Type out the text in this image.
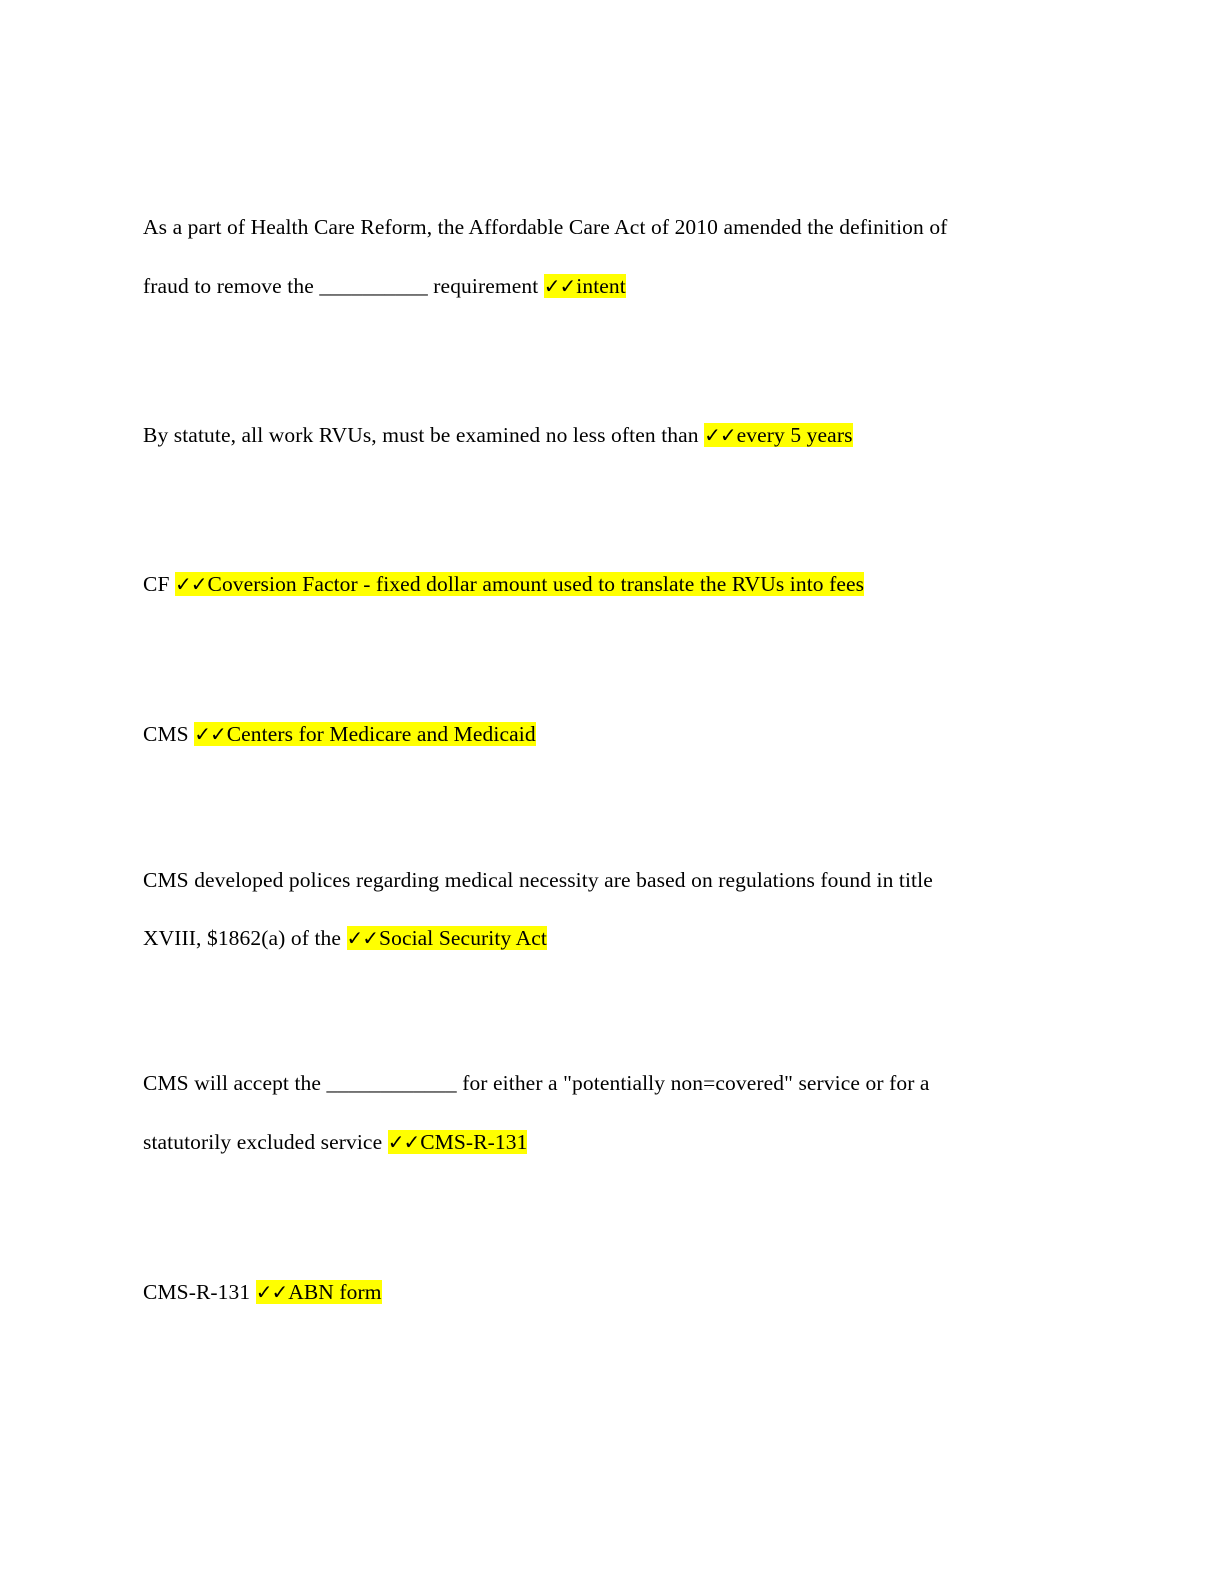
As a part of Health Care Reform, the Affordable Care Act of 2010 amended the definition of
fraud to remove the __________ requirement ✓✓intent
By statute, all work RVUs, must be examined no less often than ✓✓every 5 years
CF ✓✓Coversion Factor - fixed dollar amount used to translate the RVUs into fees
CMS ✓✓Centers for Medicare and Medicaid
CMS developed polices regarding medical necessity are based on regulations found in title
XVIII, $1862(a) of the ✓✓Social Security Act
CMS will accept the ____________ for either a "potentially non=covered" service or for a
statutorily excluded service ✓✓CMS-R-131
CMS-R-131 ✓✓ABN form
